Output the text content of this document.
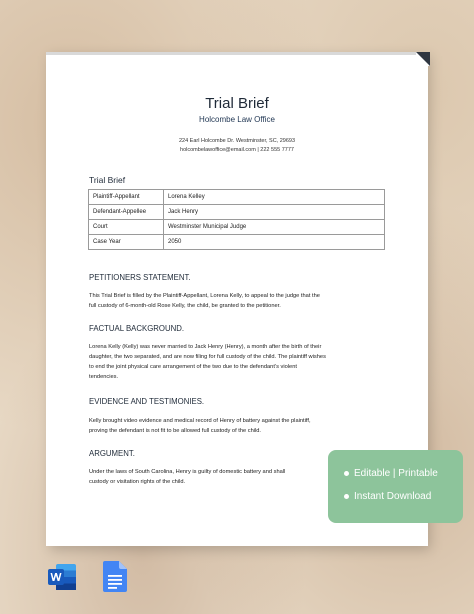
Trial Brief
Holcombe Law Office
224 Earl Holcombe Dr. Westminster, SC, 29693
holcombelawoffice@email.com | 222 555 7777
Trial Brief
Plaintiff-Appellant	Lorena Kelley
Defendant-Appellee	Jack Henry
Court	Westminster Municipal Judge
Case Year	2050
PETITIONERS STATEMENT.
This Trial Brief is filled by the Plaintiff-Appellant, Lorena Kelly, to appeal to the judge that the
full custody of 6-month-old Rose Kelly, the child, be granted to the petitioner.
FACTUAL BACKGROUND.
Lorena Kelly (Kelly) was never married to Jack Henry (Henry), a month after the birth of their
daughter, the two separated, and are now filing for full custody of the child. The plaintiff wishes
to end the joint physical care arrangement of the two due to the defendant’s violent
tendencies.
EVIDENCE AND TESTIMONIES.
Kelly brought video evidence and medical record of Henry of battery against the plaintiff,
proving the defendant is not fit to be allowed full custody of the child.
ARGUMENT.
Under the laws of South Carolina, Henry is guilty of domestic battery and shall
custody or visitation rights of the child.
Editable | Printable
Instant Download
